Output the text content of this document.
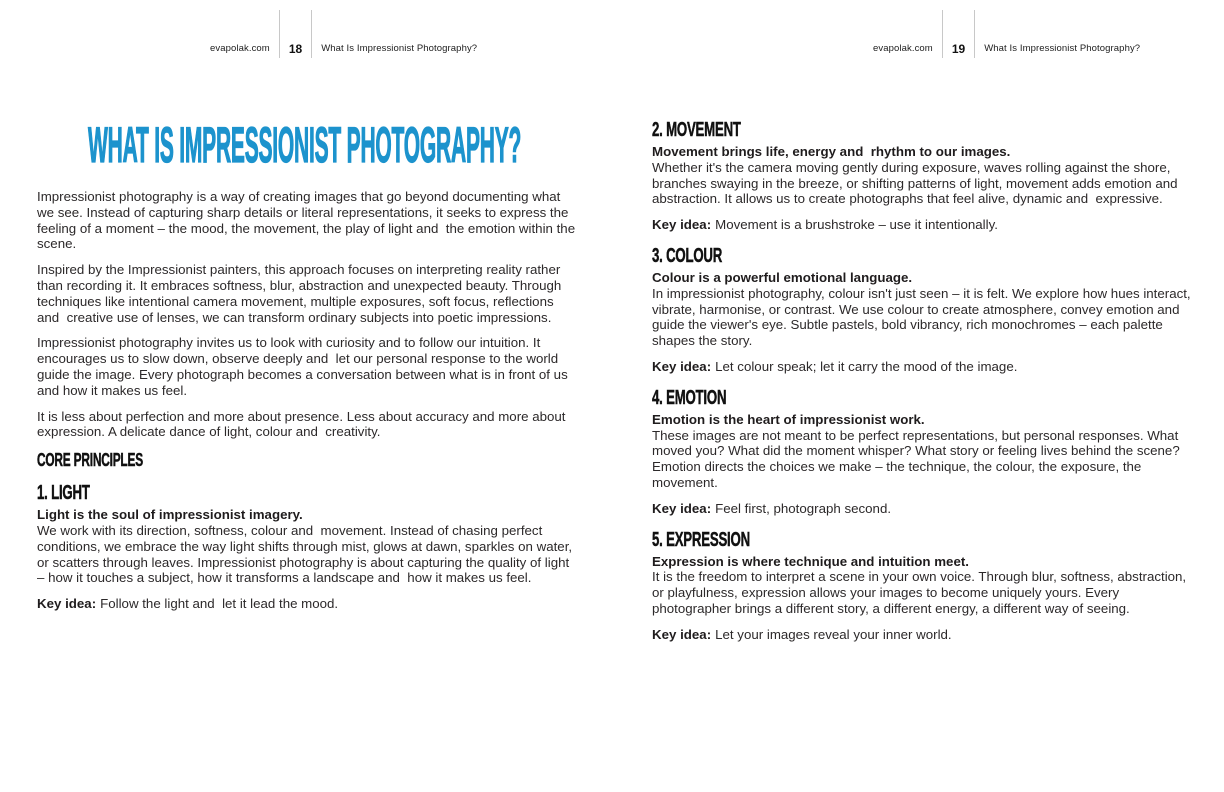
evapolak.com 18 What Is Impressionist Photography?	evapolak.com 19 What Is Impressionist Photography?
WHAT IS IMPRESSIONIST PHOTOGRAPHY?

Impressionist photography is a way of creating images that go beyond documenting what we see. Instead of capturing sharp details or literal representations, it seeks to express the feeling of a moment – the mood, the movement, the play of light and  the emotion within the scene.

Inspired by the Impressionist painters, this approach focuses on interpreting reality rather than recording it. It embraces softness, blur, abstraction and unexpected beauty. Through techniques like intentional camera movement, multiple exposures, soft focus, reflections and  creative use of lenses, we can transform ordinary subjects into poetic impressions.

Impressionist photography invites us to look with curiosity and to follow our intuition. It encourages us to slow down, observe deeply and  let our personal response to the world guide the image. Every photograph becomes a conversation between what is in front of us and how it makes us feel.

It is less about perfection and more about presence. Less about accuracy and more about expression. A delicate dance of light, colour and  creativity.

CORE PRINCIPLES
1. LIGHT

Light is the soul of impressionist imagery.

We work with its direction, softness, colour and  movement. Instead of chasing perfect conditions, we embrace the way light shifts through mist, glows at dawn, sparkles on water, or scatters through leaves. Impressionist photography is about capturing the quality of light – how it touches a subject, how it transforms a landscape and  how it makes us feel.

Key idea: Follow the light and  let it lead the mood.

2. MOVEMENT

Movement brings life, energy and  rhythm to our images.

Whether it's the camera moving gently during exposure, waves rolling against the shore, branches swaying in the breeze, or shifting patterns of light, movement adds emotion and abstraction. It allows us to create photographs that feel alive, dynamic and  expressive.

Key idea: Movement is a brushstroke – use it intentionally.

3. COLOUR

Colour is a powerful emotional language.

In impressionist photography, colour isn't just seen – it is felt. We explore how hues interact, vibrate, harmonise, or contrast. We use colour to create atmosphere, convey emotion and  guide the viewer's eye. Subtle pastels, bold vibrancy, rich monochromes – each palette shapes the story.

Key idea: Let colour speak; let it carry the mood of the image.

4. EMOTION

Emotion is the heart of impressionist work.

These images are not meant to be perfect representations, but personal responses. What moved you? What did the moment whisper? What story or feeling lives behind the scene? Emotion directs the choices we make – the technique, the colour, the exposure, the movement.

Key idea: Feel first, photograph second.

5. EXPRESSION

Expression is where technique and intuition meet.

It is the freedom to interpret a scene in your own voice. Through blur, softness, abstraction, or playfulness, expression allows your images to become uniquely yours. Every photographer brings a different story, a different energy, a different way of seeing.

Key idea: Let your images reveal your inner world.
